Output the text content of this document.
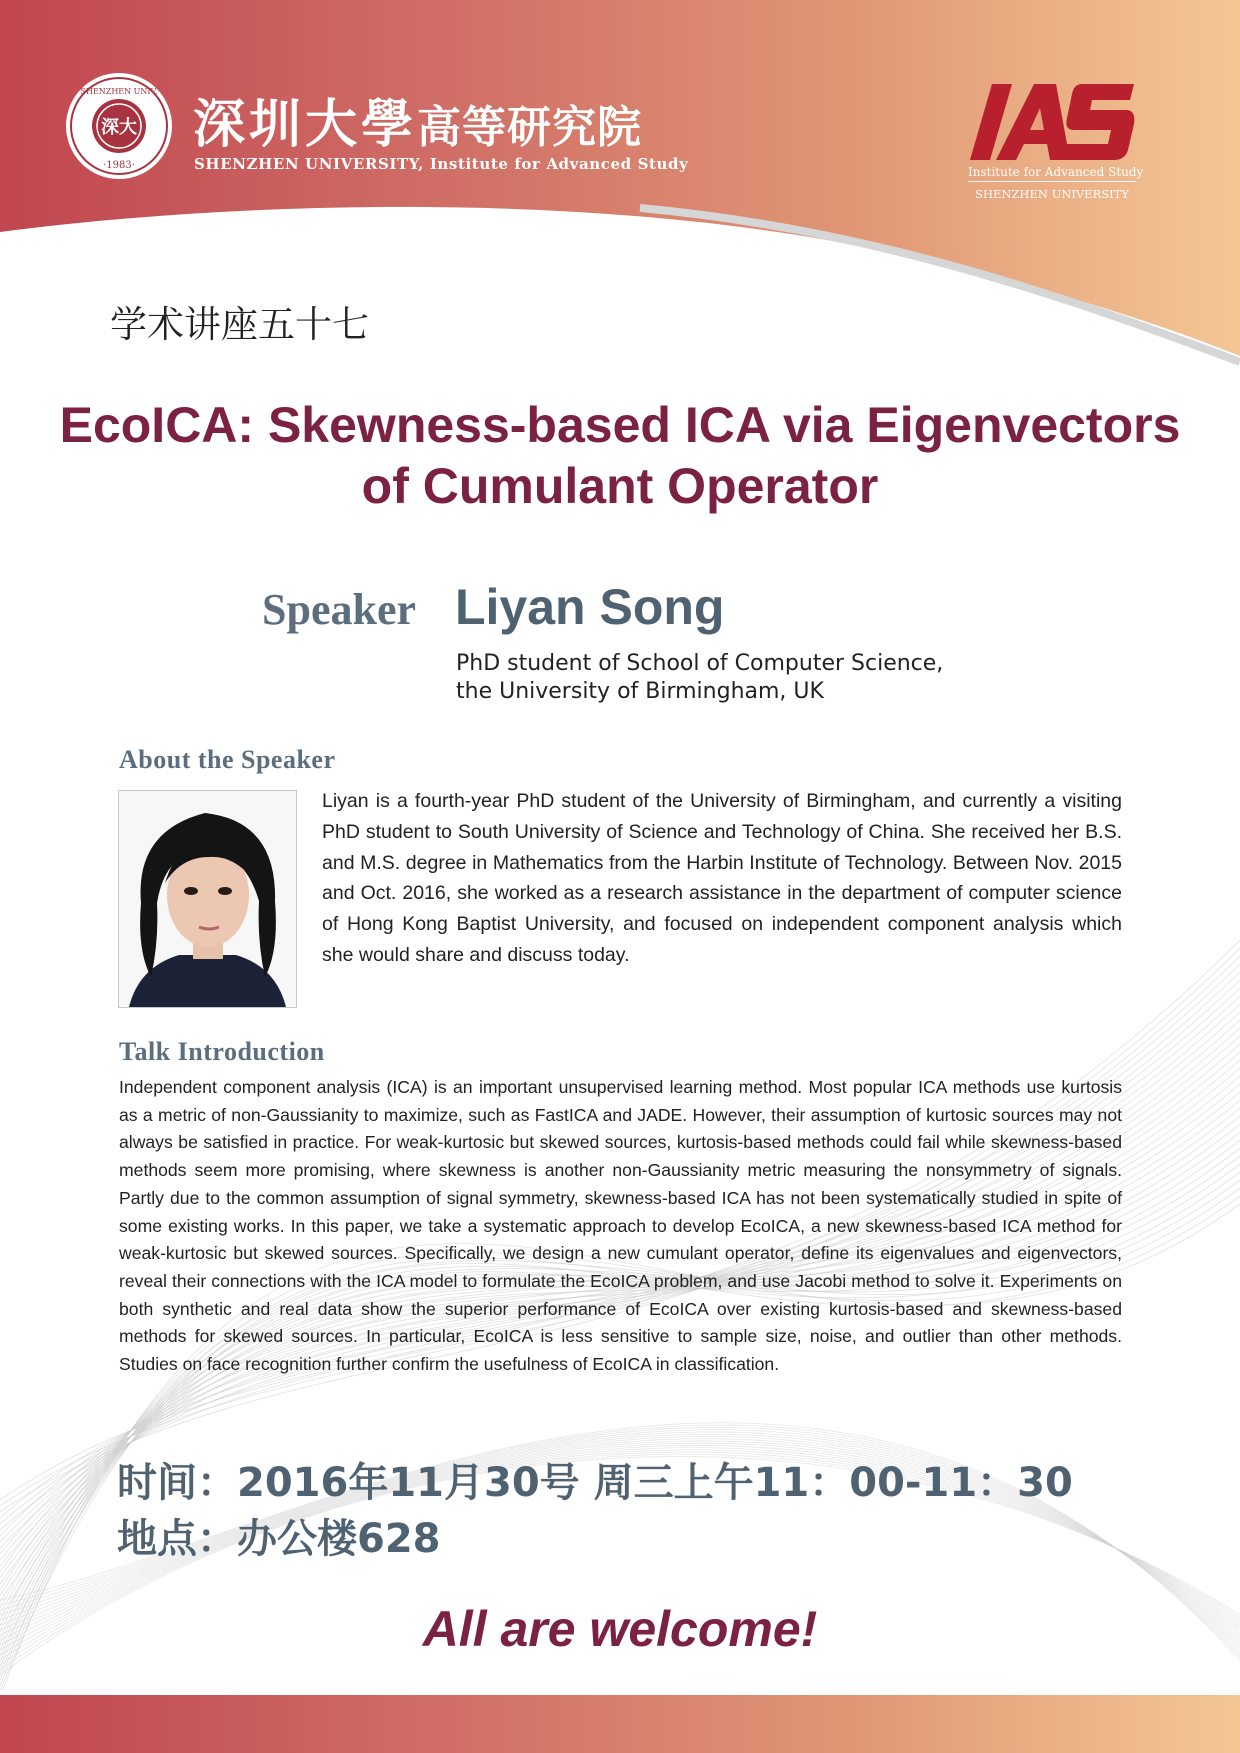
深大
·1983·
SHENZHEN UNIV.
深圳大學高等研究院
SHENZHEN UNIVERSITY, Institute for Advanced Study	Institute for Advanced Study
SHENZHEN UNIVERSITY
学术讲座五十七
EcoICA: Skewness-based ICA via Eigenvectors
of Cumulant Operator
Speaker Liyan Song
PhD student of School of Computer Science,
the University of Birmingham, UK
About the Speaker

Liyan is a fourth-year PhD student of the University of Birmingham, and currently a visiting PhD student to South University of Science and Technology of China. She received her B.S. and M.S. degree in Mathematics from the Harbin Institute of Technology. Between Nov. 2015 and Oct. 2016, she worked as a research assistance in the department of computer science of Hong Kong Baptist University, and focused on independent component analysis which she would share and discuss today.

Talk Introduction

Independent component analysis (ICA) is an important unsupervised learning method. Most popular ICA methods use kurtosis as a metric of non-Gaussianity to maximize, such as FastICA and JADE. However, their assumption of kurtosic sources may not always be satisfied in practice. For weak-kurtosic but skewed sources, kurtosis-based methods could fail while skewness-based methods seem more promising, where skewness is another non-Gaussianity metric measuring the nonsymmetry of signals. Partly due to the common assumption of signal symmetry, skewness-based ICA has not been systematically studied in spite of some existing works. In this paper, we take a systematic approach to develop EcoICA, a new skewness-based ICA method for weak-kurtosic but skewed sources. Specifically, we design a new cumulant operator, define its eigenvalues and eigenvectors, reveal their connections with the ICA model to formulate the EcoICA problem, and use Jacobi method to solve it. Experiments on both synthetic and real data show the superior performance of EcoICA over existing kurtosis-based and skewness-based methods for skewed sources. In particular, EcoICA is less sensitive to sample size, noise, and outlier than other methods. Studies on face recognition further confirm the usefulness of EcoICA in classification.

时间：2016年11月30号 周三上午11：00-11：30
地点：办公楼628
All are welcome!
